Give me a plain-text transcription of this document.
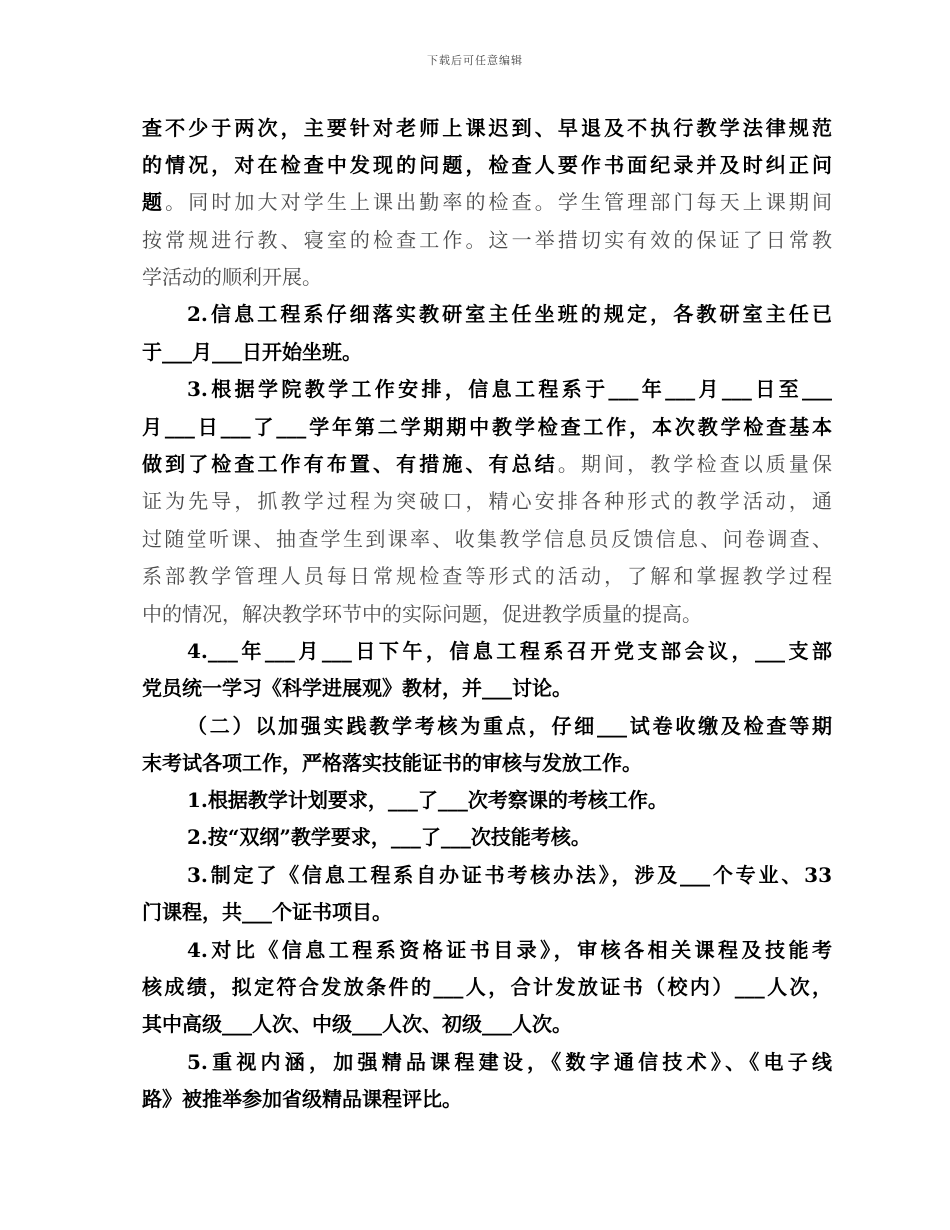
下载后可任意编辑
查不少于两次，主要针对老师上课迟到、早退及不执行教学法律规范
的情况，对在检查中发现的问题，检查人要作书面纪录并及时纠正问
题。同时加大对学生上课出勤率的检查。学生管理部门每天上课期间
按常规进行教、寝室的检查工作。这一举措切实有效的保证了日常教
学活动的顺利开展。
2.信息工程系仔细落实教研室主任坐班的规定，各教研室主任已
于___月___日开始坐班。
3.根据学院教学工作安排，信息工程系于___年___月___日至___
月___日___了___学年第二学期期中教学检查工作，本次教学检查基本
做到了检查工作有布置、有措施、有总结。期间，教学检查以质量保
证为先导，抓教学过程为突破口，精心安排各种形式的教学活动，通
过随堂听课、抽查学生到课率、收集教学信息员反馈信息、问卷调查、
系部教学管理人员每日常规检查等形式的活动，了解和掌握教学过程
中的情况，解决教学环节中的实际问题，促进教学质量的提高。
4.___年___月___日下午，信息工程系召开党支部会议，___支部
党员统一学习《科学进展观》教材，并___讨论。
（二）以加强实践教学考核为重点，仔细___试卷收缴及检查等期
末考试各项工作，严格落实技能证书的审核与发放工作。
1.根据教学计划要求，___了___次考察课的考核工作。
2.按“双纲”教学要求，___了___次技能考核。
3.制定了《信息工程系自办证书考核办法》，涉及___个专业、33
门课程，共___个证书项目。
4.对比《信息工程系资格证书目录》，审核各相关课程及技能考
核成绩，拟定符合发放条件的___人，合计发放证书（校内）___人次，
其中高级___人次、中级___人次、初级___人次。
5.重视内涵，加强精品课程建设，《数字通信技术》、《电子线
路》被推举参加省级精品课程评比。
